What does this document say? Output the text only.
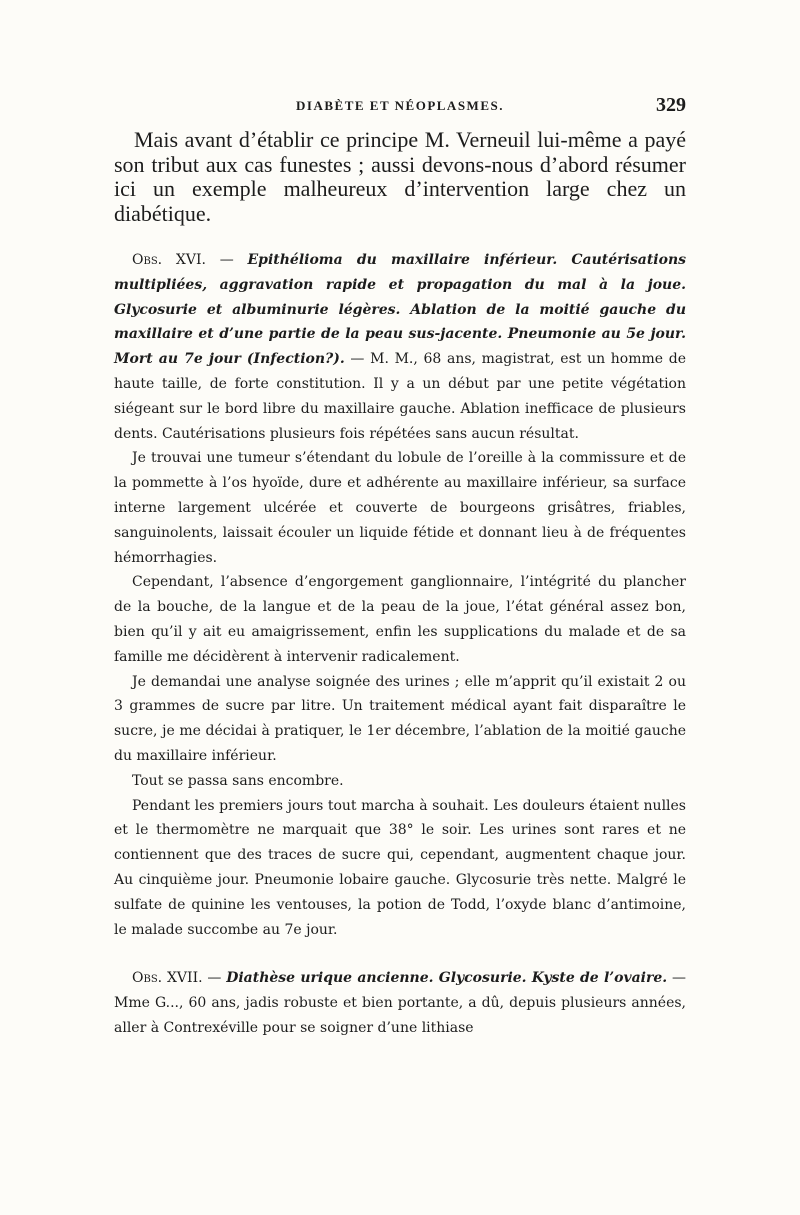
DIABÈTE ET NÉOPLASMES.	329

Mais avant d’établir ce principe M. Verneuil lui-même a payé son tribut aux cas funestes ; aussi devons-nous d’abord résumer ici un exemple malheureux d’intervention large chez un diabétique.

Obs. XVI. — Epithélioma du maxillaire inférieur. Cautérisations multipliées, aggravation rapide et propagation du mal à la joue. Glycosurie et albuminurie légères. Ablation de la moitié gauche du maxillaire et d’une partie de la peau sus-jacente. Pneumonie au 5e jour. Mort au 7e jour (Infection?). — M. M., 68 ans, magistrat, est un homme de haute taille, de forte constitution. Il y a un début par une petite végétation siégeant sur le bord libre du maxillaire gauche. Ablation inefficace de plusieurs dents. Cautérisations plusieurs fois répétées sans aucun résultat.

Je trouvai une tumeur s’étendant du lobule de l’oreille à la commissure et de la pommette à l’os hyoïde, dure et adhérente au maxillaire inférieur, sa surface interne largement ulcérée et couverte de bourgeons grisâtres, friables, sanguinolents, laissait écouler un liquide fétide et donnant lieu à de fréquentes hémorrhagies.

Cependant, l’absence d’engorgement ganglionnaire, l’intégrité du plancher de la bouche, de la langue et de la peau de la joue, l’état général assez bon, bien qu’il y ait eu amaigrissement, enfin les supplications du malade et de sa famille me décidèrent à intervenir radicalement.

Je demandai une analyse soignée des urines ; elle m’apprit qu’il existait 2 ou 3 grammes de sucre par litre. Un traitement médical ayant fait disparaître le sucre, je me décidai à pratiquer, le 1er décembre, l’ablation de la moitié gauche du maxillaire inférieur.

Tout se passa sans encombre.

Pendant les premiers jours tout marcha à souhait. Les douleurs étaient nulles et le thermomètre ne marquait que 38° le soir. Les urines sont rares et ne contiennent que des traces de sucre qui, cependant, augmentent chaque jour. Au cinquième jour. Pneumonie lobaire gauche. Glycosurie très nette. Malgré le sulfate de quinine les ventouses, la potion de Todd, l’oxyde blanc d’antimoine, le malade succombe au 7e jour.

Obs. XVII. — Diathèse urique ancienne. Glycosurie. Kyste de l’ovaire. — Mme G..., 60 ans, jadis robuste et bien portante, a dû, depuis plusieurs années, aller à Contrexéville pour se soigner d’une lithiase
